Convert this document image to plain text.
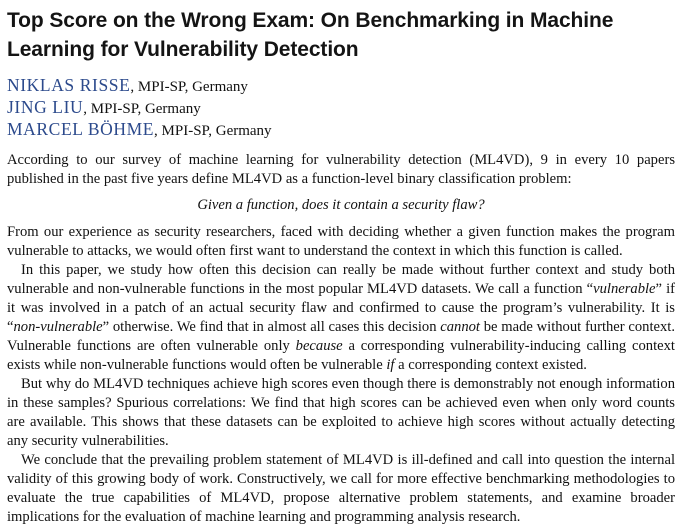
Top Score on the Wrong Exam: On Benchmarking in Machine Learning for Vulnerability Detection
NIKLAS RISSE, MPI-SP, Germany
JING LIU, MPI-SP, Germany
MARCEL BÖHME, MPI-SP, Germany

According to our survey of machine learning for vulnerability detection (ML4VD), 9 in every 10 papers published in the past five years define ML4VD as a function-level binary classification problem:

Given a function, does it contain a security flaw?

From our experience as security researchers, faced with deciding whether a given function makes the program vulnerable to attacks, we would often first want to understand the context in which this function is called.

In this paper, we study how often this decision can really be made without further context and study both vulnerable and non-vulnerable functions in the most popular ML4VD datasets. We call a function “vulnerable” if it was involved in a patch of an actual security flaw and confirmed to cause the program’s vulnerability. It is “non-vulnerable” otherwise. We find that in almost all cases this decision cannot be made without further context. Vulnerable functions are often vulnerable only because a corresponding vulnerability-inducing calling context exists while non-vulnerable functions would often be vulnerable if a corresponding context existed.

But why do ML4VD techniques achieve high scores even though there is demonstrably not enough information in these samples? Spurious correlations: We find that high scores can be achieved even when only word counts are available. This shows that these datasets can be exploited to achieve high scores without actually detecting any security vulnerabilities.

We conclude that the prevailing problem statement of ML4VD is ill-defined and call into question the internal validity of this growing body of work. Constructively, we call for more effective benchmarking methodologies to evaluate the true capabilities of ML4VD, propose alternative problem statements, and examine broader implications for the evaluation of machine learning and programming analysis research.
